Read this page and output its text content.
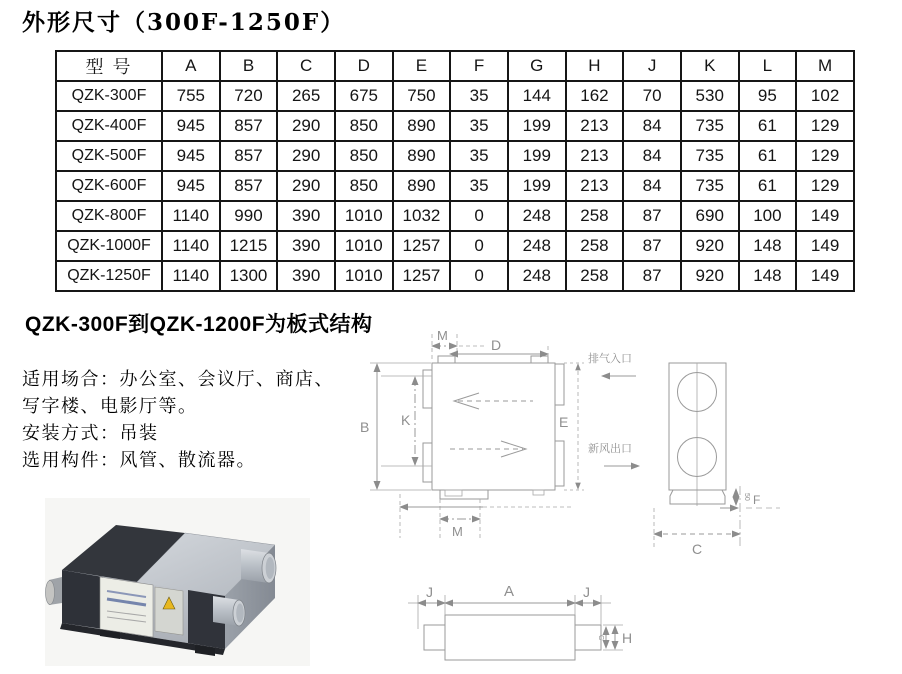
外形尺寸（300F-1250F）
型 号	A	B	C	D	E	F	G	H	J	K	L	M
QZK-300F	755	720	265	675	750	35	144	162	70	530	95	102
QZK-400F	945	857	290	850	890	35	199	213	84	735	61	129
QZK-500F	945	857	290	850	890	35	199	213	84	735	61	129
QZK-600F	945	857	290	850	890	35	199	213	84	735	61	129
QZK-800F	1140	990	390	1010	1032	0	248	258	87	690	100	149
QZK-1000F	1140	1215	390	1010	1257	0	248	258	87	920	148	149
QZK-1250F	1140	1300	390	1010	1257	0	248	258	87	920	148	149

QZK-300F到QZK-1200F为板式结构

适用场合：办公室、会议厅、商店、写字楼、电影厅等。

安装方式：吊装

选用构件：风管、散流器。

M
D
B K	E
M
排气入口
新风出口
50 F
C
J	A	J
G H
